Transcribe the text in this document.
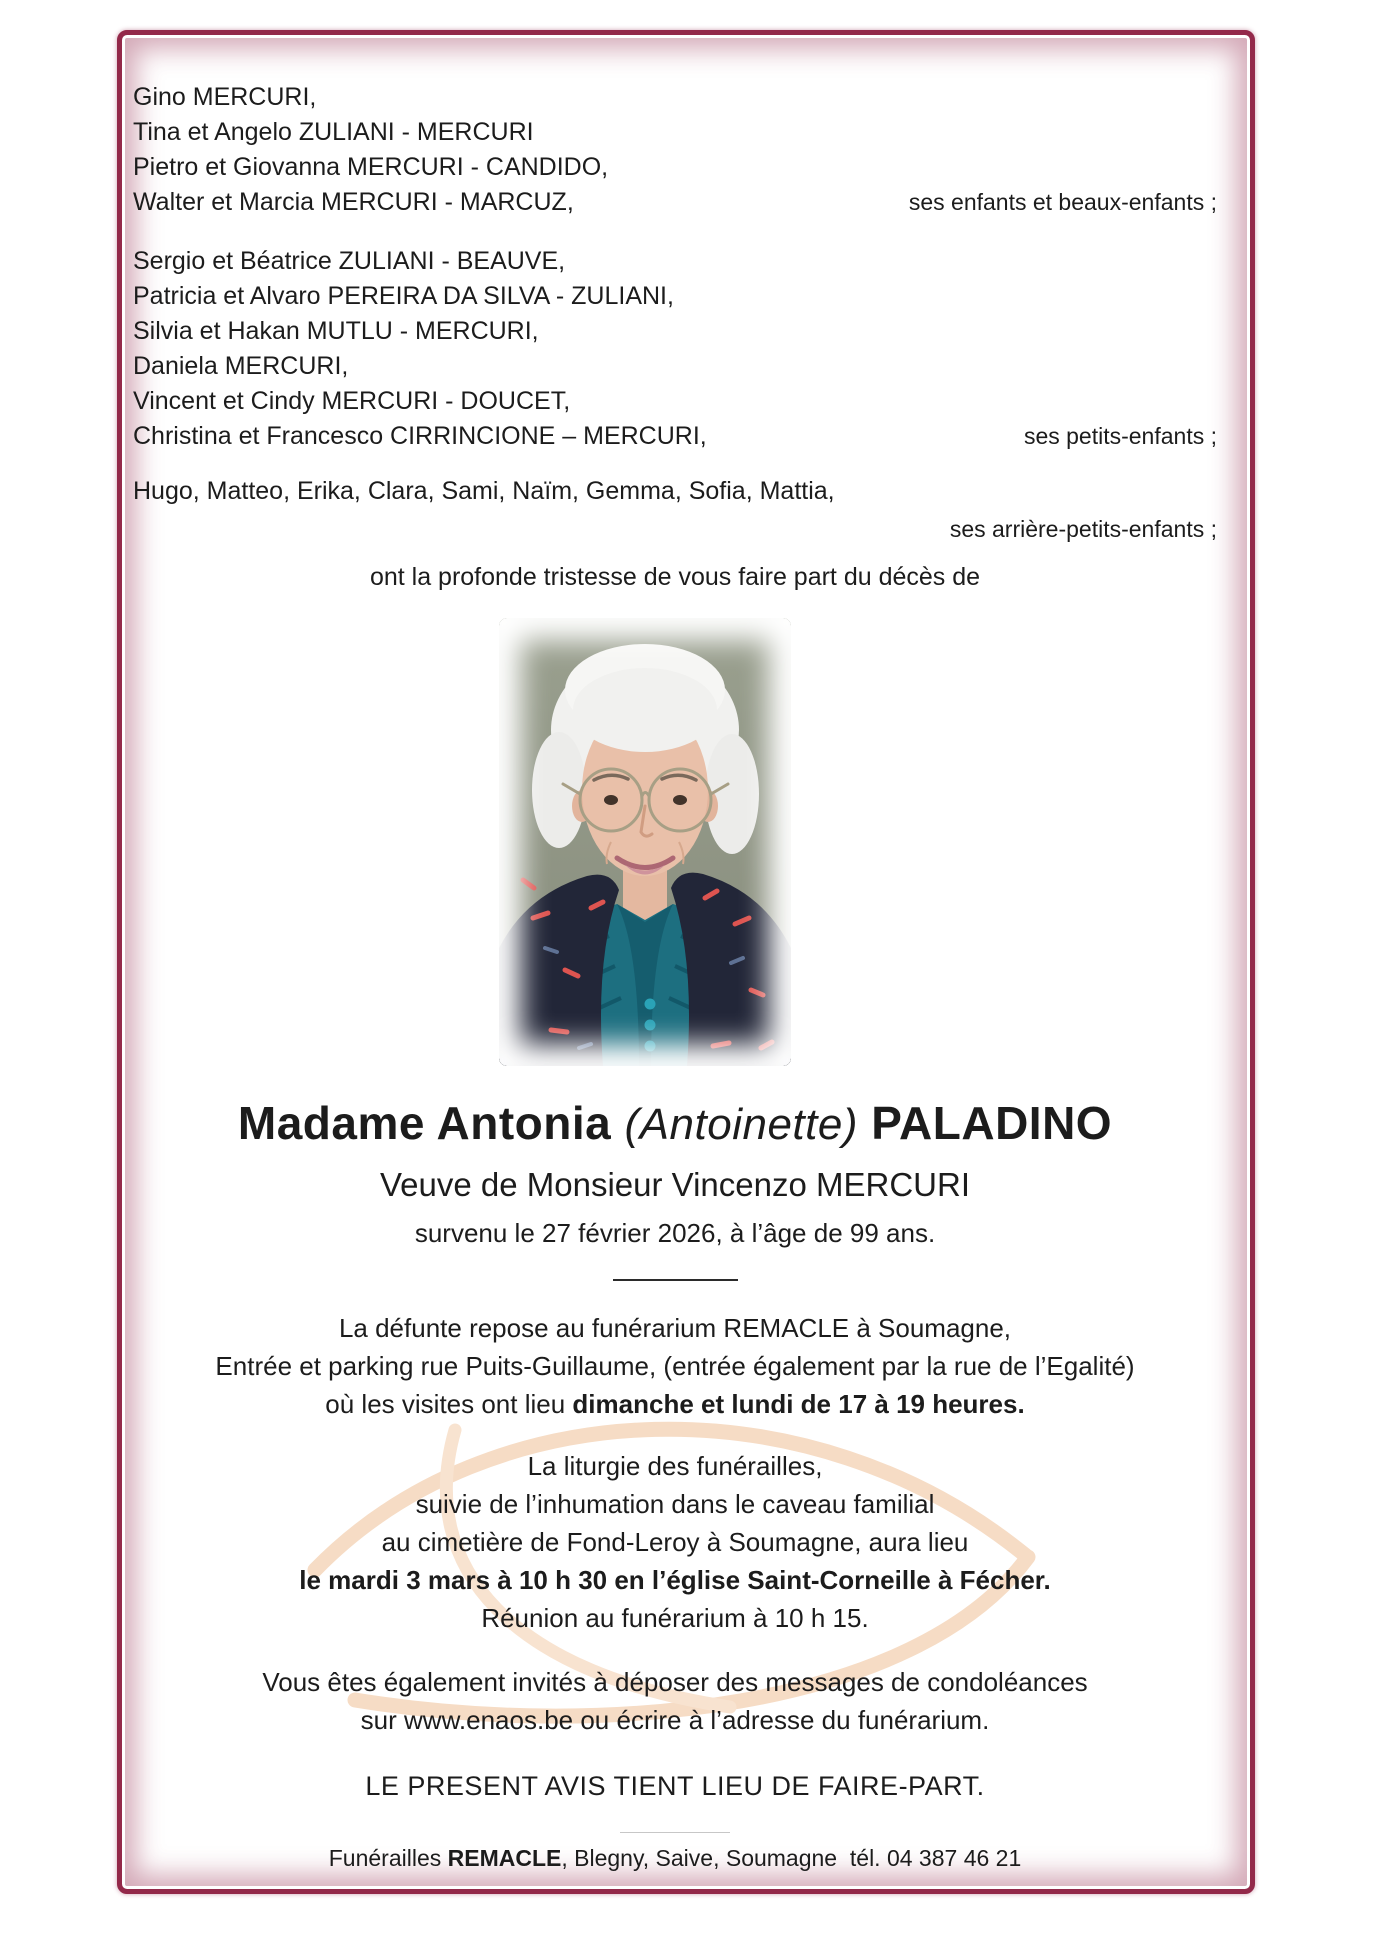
Gino MERCURI,
Tina et Angelo ZULIANI - MERCURI
Pietro et Giovanna MERCURI - CANDIDO,
Walter et Marcia MERCURI - MARCUZ,	ses enfants et beaux-enfants ;
Sergio et Béatrice ZULIANI - BEAUVE,
Patricia et Alvaro PEREIRA DA SILVA - ZULIANI,
Silvia et Hakan MUTLU - MERCURI,
Daniela MERCURI,
Vincent et Cindy MERCURI - DOUCET,
Christina et Francesco CIRRINCIONE – MERCURI,	ses petits-enfants ;
Hugo, Matteo, Erika, Clara, Sami, Naïm, Gemma, Sofia, Mattia,
ses arrière-petits-enfants ;
ont la profonde tristesse de vous faire part du décès de
Madame Antonia (Antoinette) PALADINO
Veuve de Monsieur Vincenzo MERCURI
survenu le 27 février 2026, à l’âge de 99 ans.
La défunte repose au funérarium REMACLE à Soumagne,
Entrée et parking rue Puits-Guillaume, (entrée également par la rue de l’Egalité)
où les visites ont lieu dimanche et lundi de 17 à 19 heures.
La liturgie des funérailles,
suivie de l’inhumation dans le caveau familial
au cimetière de Fond-Leroy à Soumagne, aura lieu
le mardi 3 mars à 10 h 30 en l’église Saint-Corneille à Fécher.
Réunion au funérarium à 10 h 15.
Vous êtes également invités à déposer des messages de condoléances
sur www.enaos.be ou écrire à l’adresse du funérarium.
LE PRESENT AVIS TIENT LIEU DE FAIRE-PART.
Funérailles REMACLE, Blegny, Saive, Soumagne  tél. 04 387 46 21
